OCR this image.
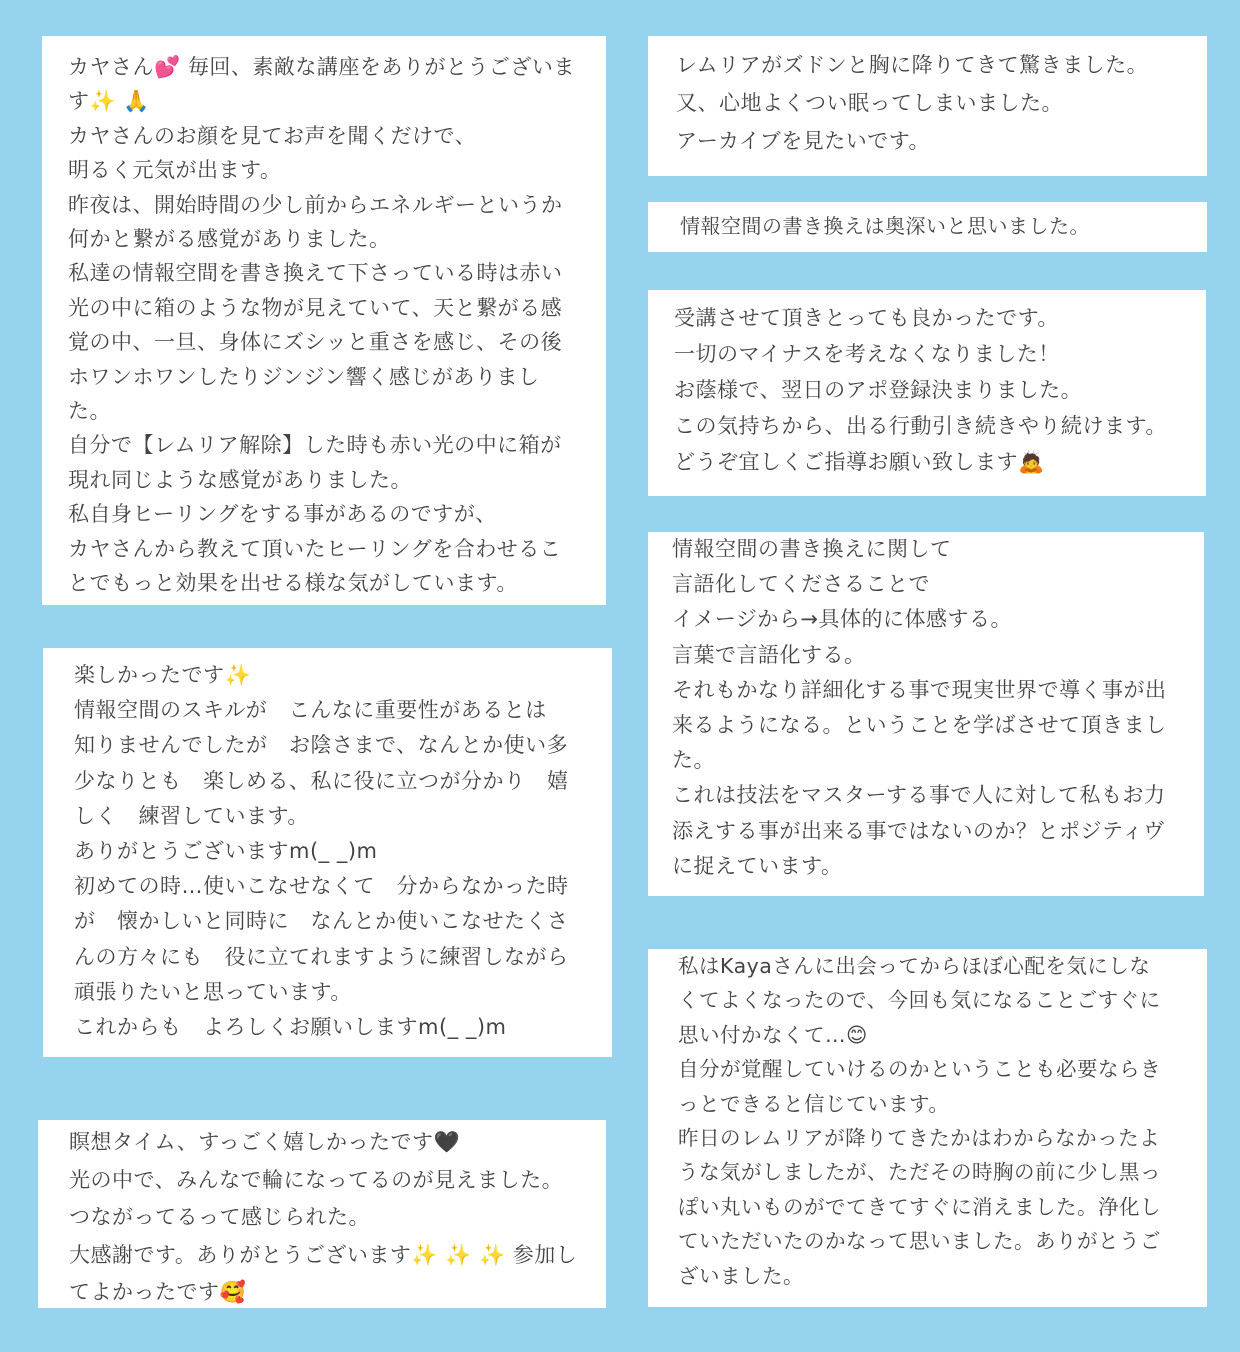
カヤさん💕 毎回、素敵な講座をありがとうございま
す✨ 🙏
カヤさんのお顔を見てお声を聞くだけで、
明るく元気が出ます。
昨夜は、開始時間の少し前からエネルギーというか
何かと繋がる感覚がありました。
私達の情報空間を書き換えて下さっている時は赤い
光の中に箱のような物が見えていて、天と繋がる感
覚の中、一旦、身体にズシッと重さを感じ、その後
ホワンホワンしたりジンジン響く感じがありまし
た。
自分で【レムリア解除】した時も赤い光の中に箱が
現れ同じような感覚がありました。
私自身ヒーリングをする事があるのですが、
カヤさんから教えて頂いたヒーリングを合わせるこ
とでもっと効果を出せる様な気がしています。
楽しかったです✨
情報空間のスキルが　こんなに重要性があるとは
知りませんでしたが　お陰さまで、なんとか使い多
少なりとも　楽しめる、私に役に立つが分かり　嬉
しく　練習しています。
ありがとうございますm(_ _)m
初めての時…使いこなせなくて　分からなかった時
が　懐かしいと同時に　なんとか使いこなせたくさ
んの方々にも　役に立てれますように練習しながら
頑張りたいと思っています。
これからも　よろしくお願いしますm(_ _)m
瞑想タイム、すっごく嬉しかったです🖤
光の中で、みんなで輪になってるのが見えました。
つながってるって感じられた。
大感謝です。ありがとうございます✨ ✨ ✨ 参加し
てよかったです🥰
レムリアがズドンと胸に降りてきて驚きました。
又、心地よくつい眠ってしまいました。
アーカイブを見たいです。
情報空間の書き換えは奥深いと思いました。
受講させて頂きとっても良かったです。
一切のマイナスを考えなくなりました！
お蔭様で、翌日のアポ登録決まりました。
この気持ちから、出る行動引き続きやり続けます。
どうぞ宜しくご指導お願い致します🙇
情報空間の書き換えに関して
言語化してくださることで
イメージから→具体的に体感する。
言葉で言語化する。
それもかなり詳細化する事で現実世界で導く事が出
来るようになる。ということを学ばさせて頂きまし
た。
これは技法をマスターする事で人に対して私もお力
添えする事が出来る事ではないのか？とポジティヴ
に捉えています。
私はKayaさんに出会ってからほぼ心配を気にしな
くてよくなったので、今回も気になることごすぐに
思い付かなくて…😊
自分が覚醒していけるのかということも必要ならき
っとできると信じています。
昨日のレムリアが降りてきたかはわからなかったよ
うな気がしましたが、ただその時胸の前に少し黒っ
ぽい丸いものがでてきてすぐに消えました。浄化し
ていただいたのかなって思いました。ありがとうご
ざいました。
